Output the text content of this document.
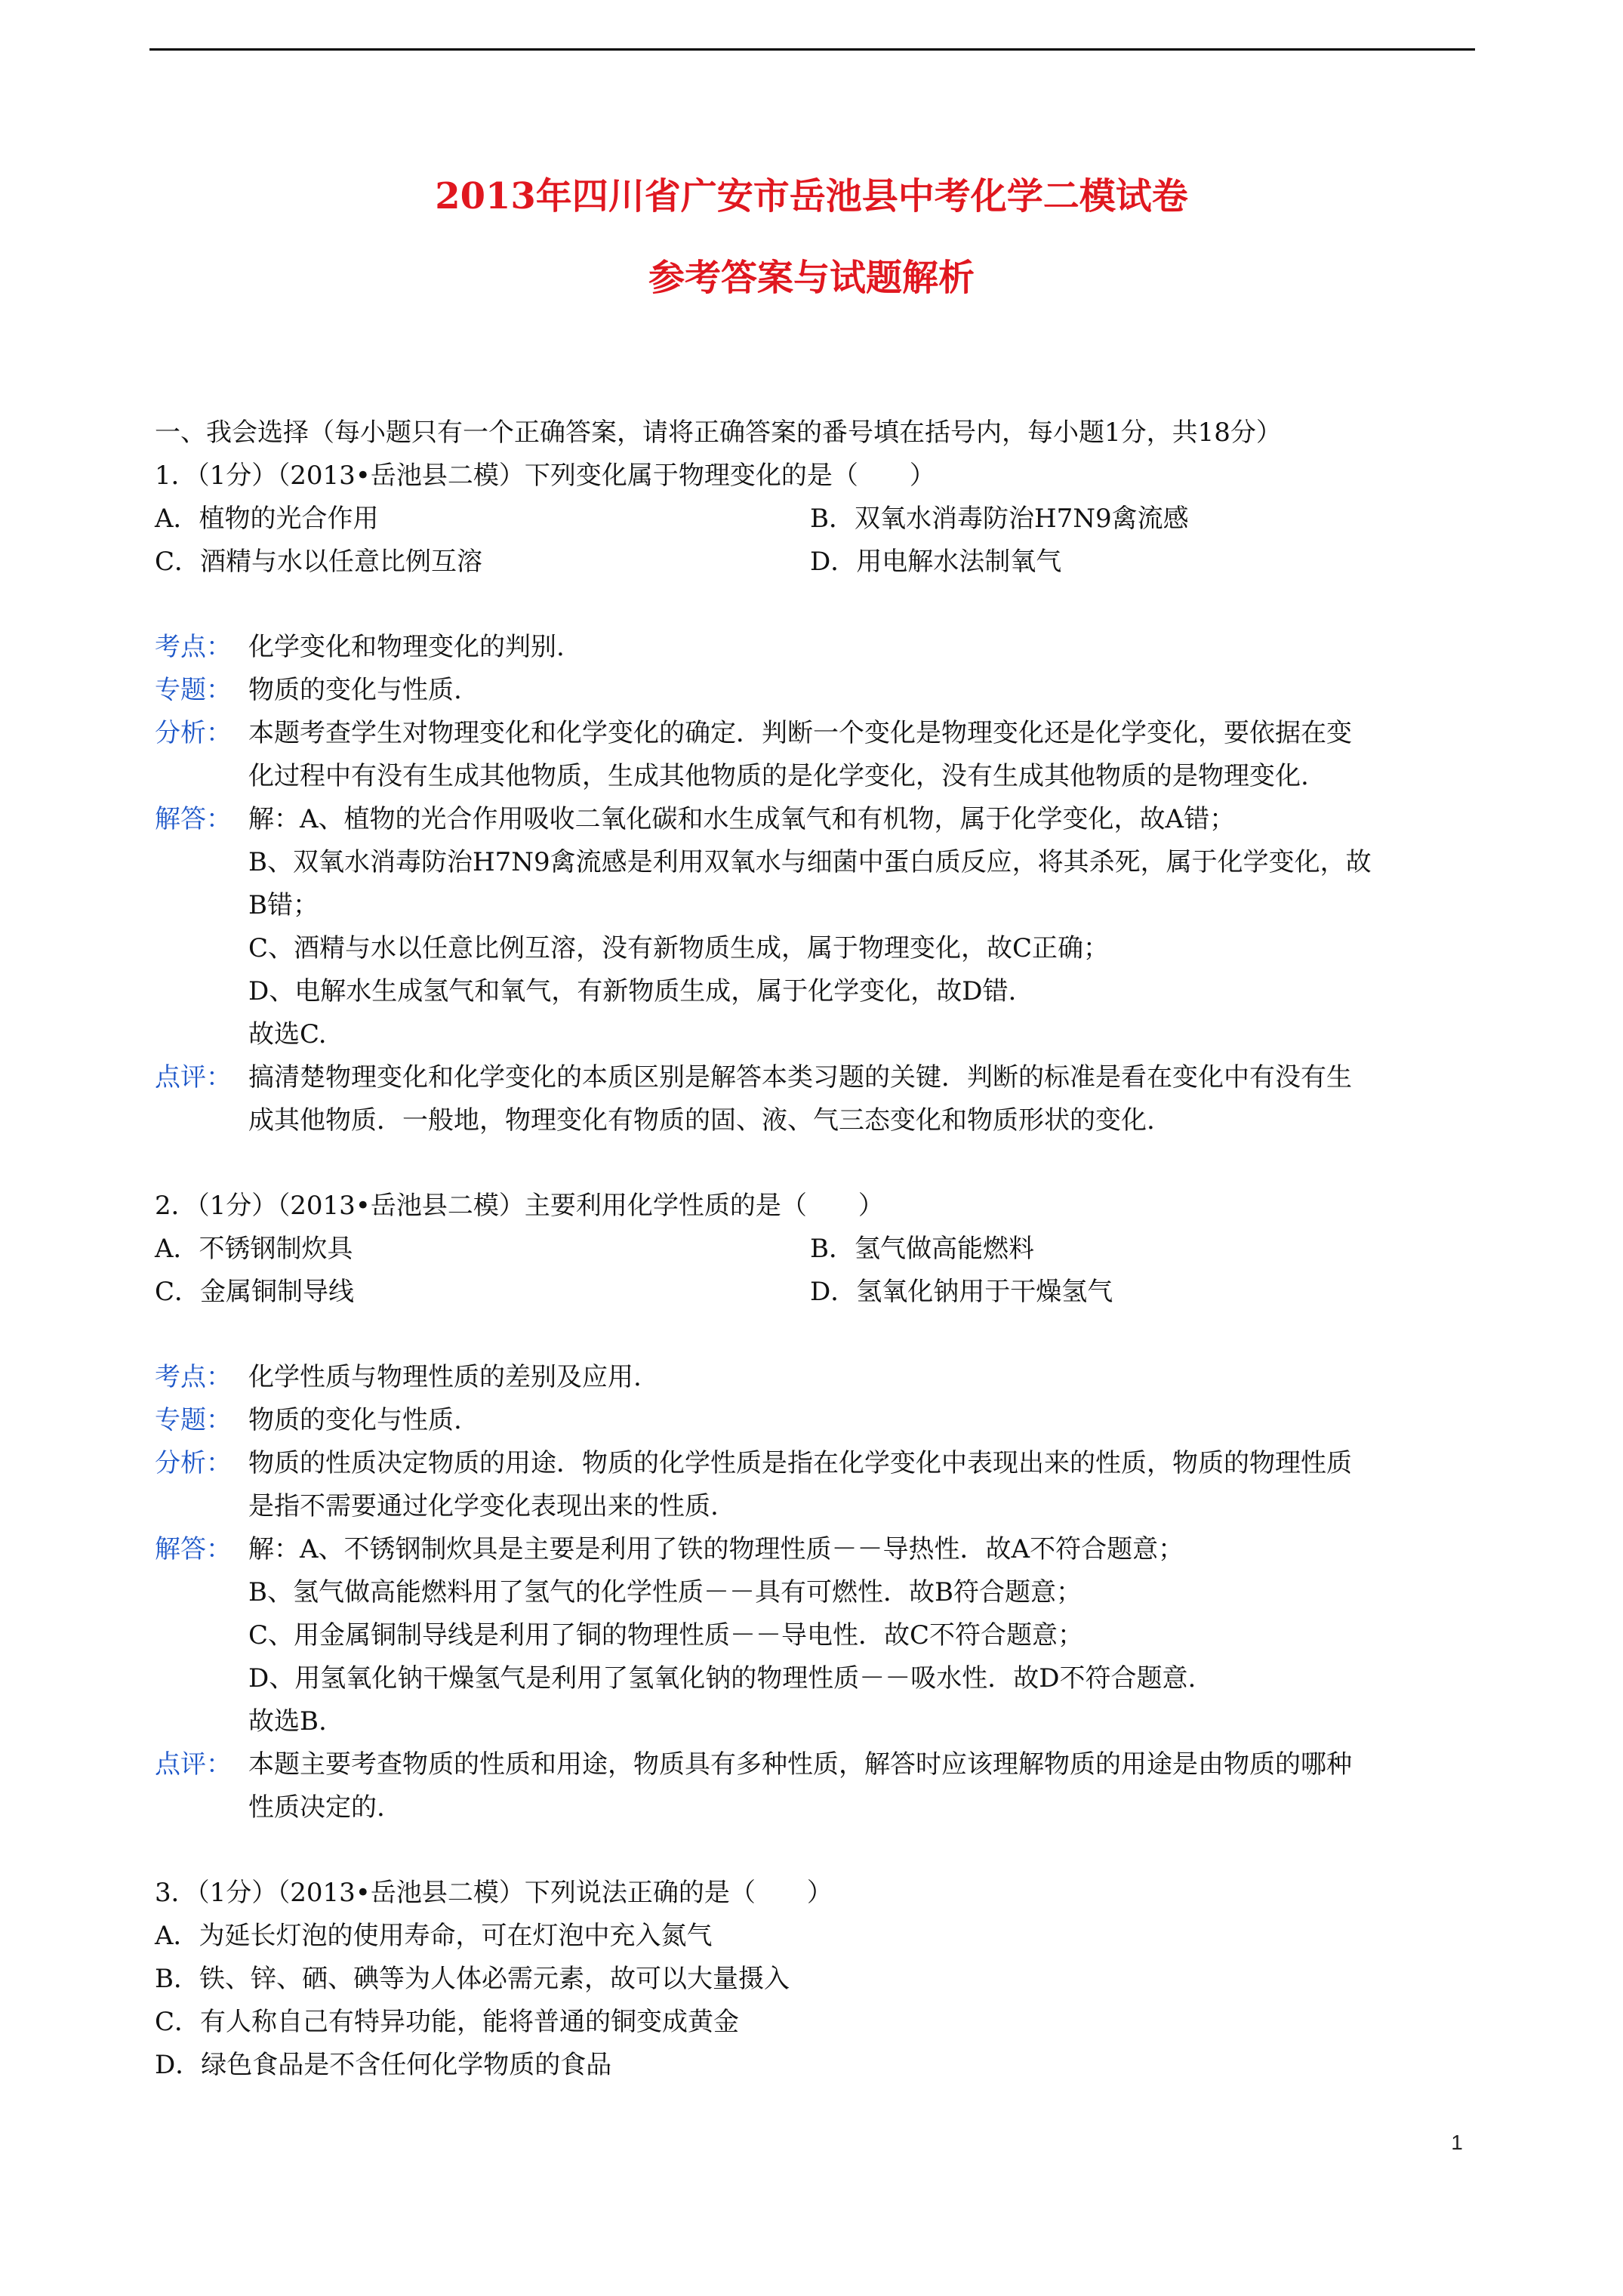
2013年四川省广安市岳池县中考化学二模试卷
参考答案与试题解析
一、我会选择（每小题只有一个正确答案，请将正确答案的番号填在括号内，每小题1分，共18分）
1．（1分）（2013•岳池县二模）下列变化属于物理变化的是（　　）
A．植物的光合作用	B．双氧水消毒防治H7N9禽流感
C．酒精与水以任意比例互溶	D．用电解水法制氧气
考点： 化学变化和物理变化的判别.
专题： 物质的变化与性质.
分析： 本题考查学生对物理变化和化学变化的确定．判断一个变化是物理变化还是化学变化，要依据在变
化过程中有没有生成其他物质，生成其他物质的是化学变化，没有生成其他物质的是物理变化.
解答： 解：A、植物的光合作用吸收二氧化碳和水生成氧气和有机物，属于化学变化，故A错；
B、双氧水消毒防治H7N9禽流感是利用双氧水与细菌中蛋白质反应，将其杀死，属于化学变化，故
B错；
C、酒精与水以任意比例互溶，没有新物质生成，属于物理变化，故C正确；
D、电解水生成氢气和氧气，有新物质生成，属于化学变化，故D错.
故选C.
点评： 搞清楚物理变化和化学变化的本质区别是解答本类习题的关键．判断的标准是看在变化中有没有生
成其他物质．一般地，物理变化有物质的固、液、气三态变化和物质形状的变化.
2．（1分）（2013•岳池县二模）主要利用化学性质的是（　　）
A．不锈钢制炊具	B．氢气做高能燃料
C．金属铜制导线	D．氢氧化钠用于干燥氢气
考点： 化学性质与物理性质的差别及应用.
专题： 物质的变化与性质.
分析： 物质的性质决定物质的用途．物质的化学性质是指在化学变化中表现出来的性质，物质的物理性质
是指不需要通过化学变化表现出来的性质.
解答： 解：A、不锈钢制炊具是主要是利用了铁的物理性质－－导热性．故A不符合题意；
B、氢气做高能燃料用了氢气的化学性质－－具有可燃性．故B符合题意；
C、用金属铜制导线是利用了铜的物理性质－－导电性．故C不符合题意；
D、用氢氧化钠干燥氢气是利用了氢氧化钠的物理性质－－吸水性．故D不符合题意.
故选B.
点评： 本题主要考查物质的性质和用途，物质具有多种性质，解答时应该理解物质的用途是由物质的哪种
性质决定的.
3．（1分）（2013•岳池县二模）下列说法正确的是（　　）
A．为延长灯泡的使用寿命，可在灯泡中充入氮气
B．铁、锌、硒、碘等为人体必需元素，故可以大量摄入
C．有人称自己有特异功能，能将普通的铜变成黄金
D．绿色食品是不含任何化学物质的食品
1
